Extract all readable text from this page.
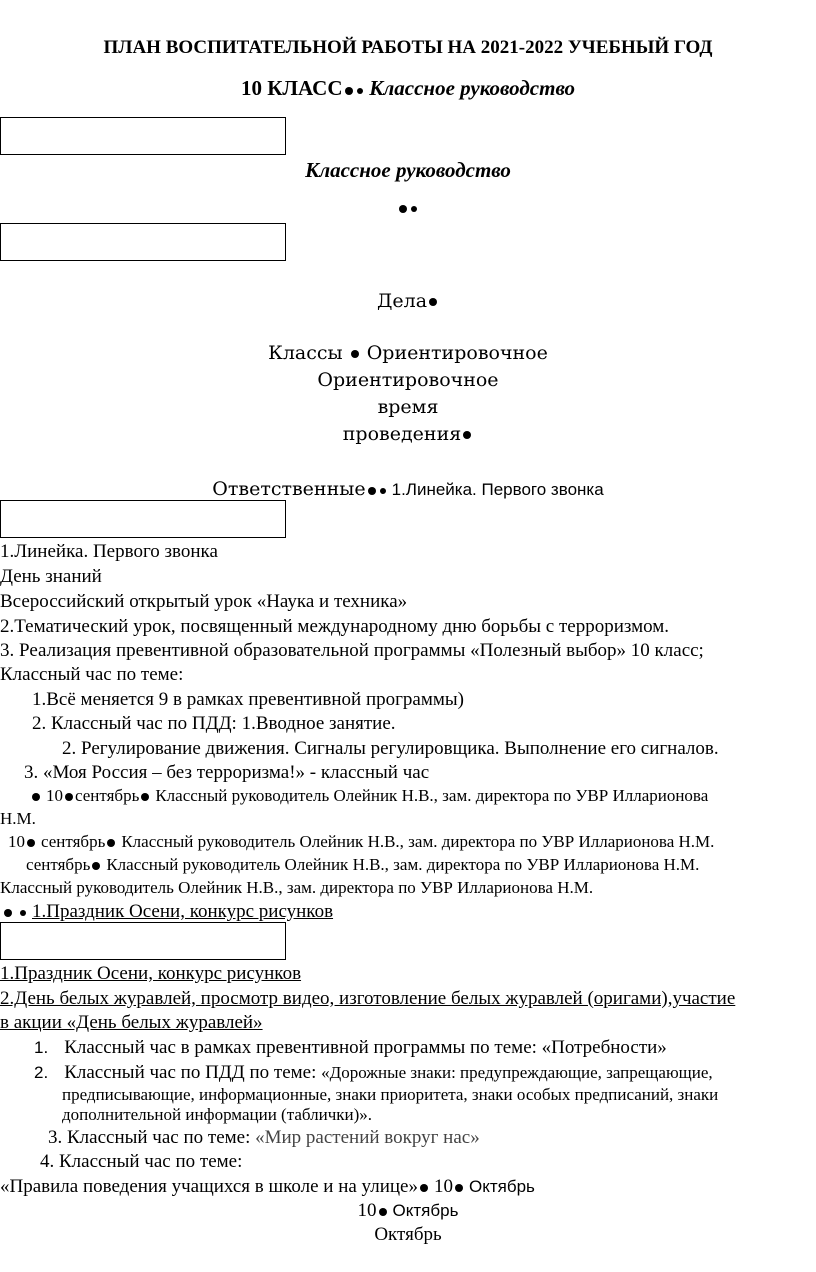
ПЛАН ВОСПИТАТЕЛЬНОЙ РАБОТЫ НА 2021-2022 УЧЕБНЫЙ ГОД
10 КЛАСС Классное руководство
Классное руководство
Дела
Классы Ориентировочное
Ориентировочное
время
проведения
Ответственные 1.Линейка. Первого звонка
1.Линейка. Первого звонка
День знаний
Всероссийский открытый урок «Наука и техника»
2.Тематический урок, посвященный международному дню борьбы с терроризмом.
3. Реализация превентивной образовательной программы «Полезный выбор» 10 класс;
Классный час по теме:
1.Всё меняется 9 в рамках превентивной программы)
2. Классный час по ПДД: 1.Вводное занятие.
2. Регулирование движения. Сигналы регулировщика. Выполнение его сигналов.
3. «Моя Россия – без терроризма!» - классный час
10 сентябрь Классный руководитель Олейник Н.В., зам. директора по УВР Илларионова
Н.М.
10 сентябрь Классный руководитель Олейник Н.В., зам. директора по УВР Илларионова Н.М.
сентябрь Классный руководитель Олейник Н.В., зам. директора по УВР Илларионова Н.М.
Классный руководитель Олейник Н.В., зам. директора по УВР Илларионова Н.М.
1.Праздник Осени, конкурс рисунков
1.Праздник Осени, конкурс рисунков
2.День белых журавлей, просмотр видео, изготовление белых журавлей (оригами),участие
в акции «День белых журавлей»
1. Классный час в рамках превентивной программы по теме: «Потребности»
2. Классный час по ПДД по теме: «Дорожные знаки: предупреждающие, запрещающие,
предписывающие, информационные, знаки приоритета, знаки особых предписаний, знаки
дополнительной информации (таблички)».
3. Классный час по теме: «Мир растений вокруг нас»
4. Классный час по теме:
«Правила поведения учащихся в школе и на улице» 10 Октябрь
10 Октябрь
Октябрь
